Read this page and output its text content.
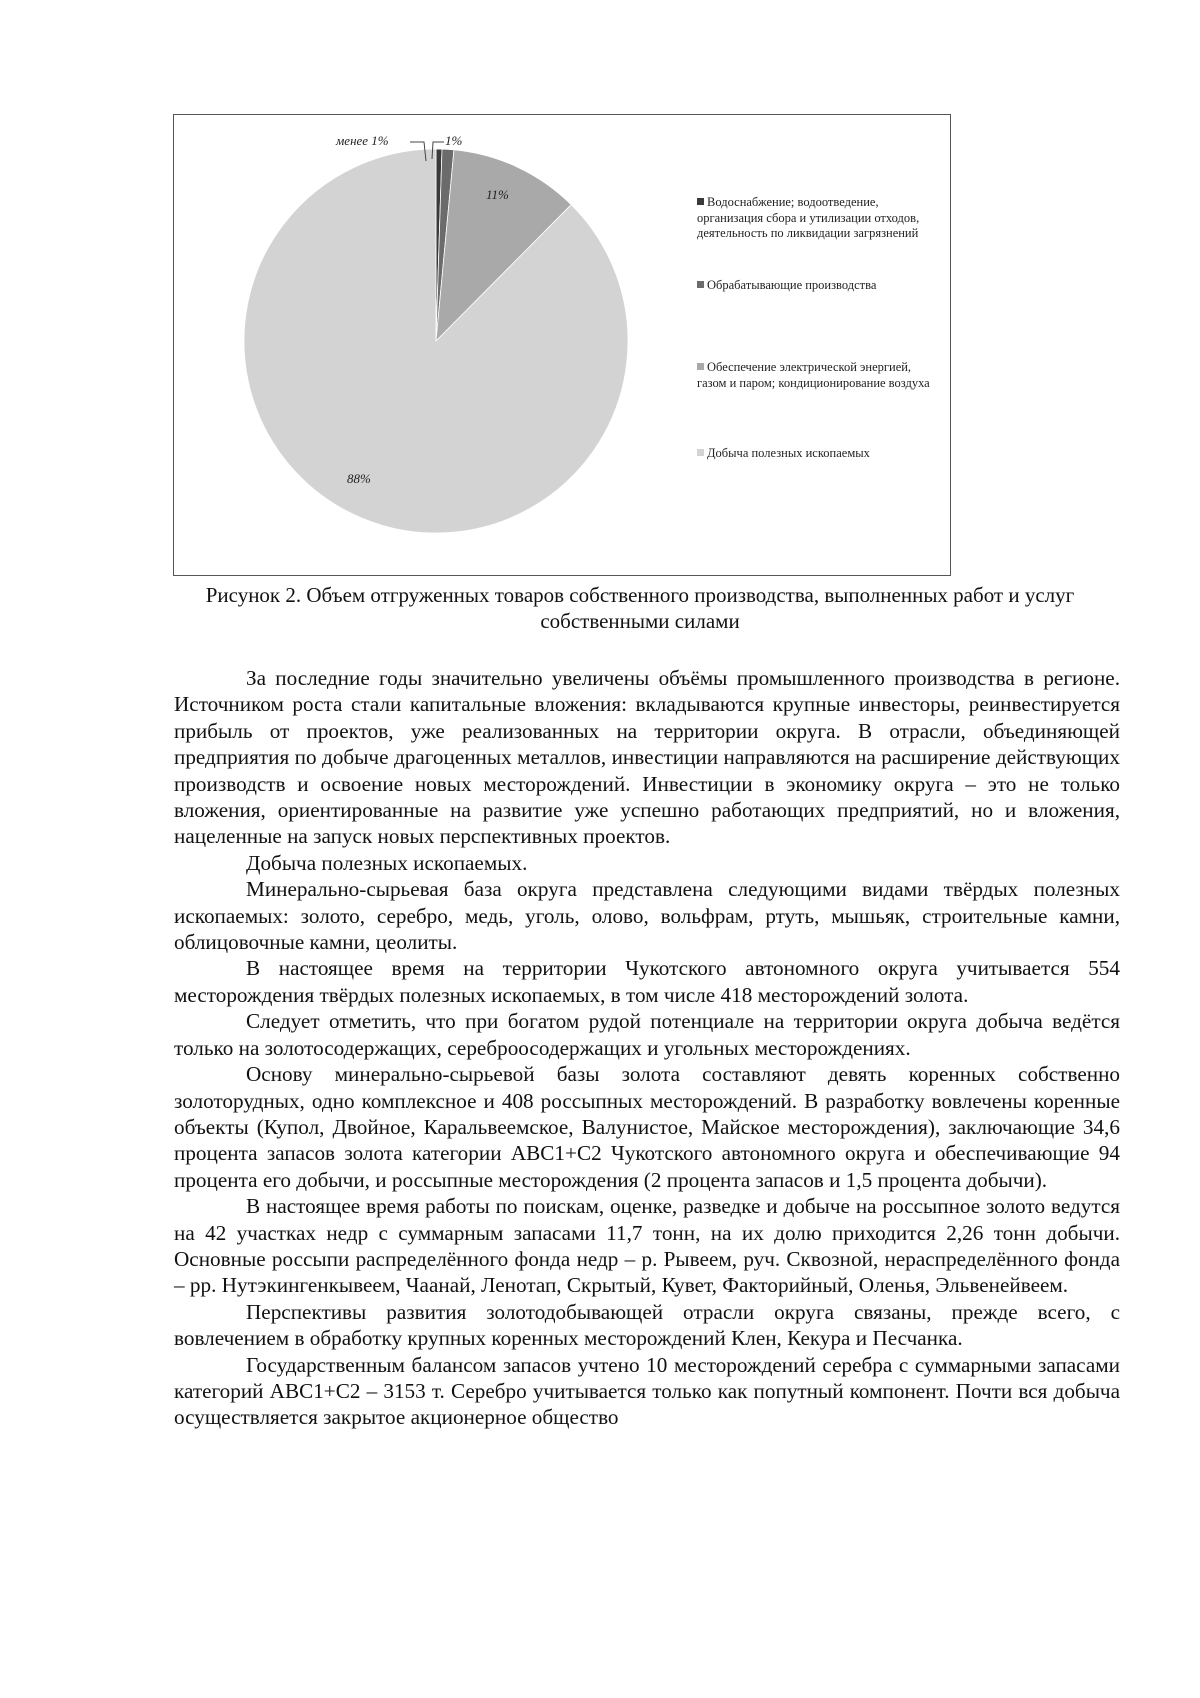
менее 1%	1%
11%
88%
Водоснабжение; водоотведение, организация сбора и утилизации отходов, деятельность по ликвидации загрязнений
Обрабатывающие производства
Обеспечение электрической энергией, газом и паром; кондиционирование воздуха
Добыча полезных ископаемых
Рисунок 2. Объем отгруженных товаров собственного производства, выполненных работ и услуг собственными силами

За последние годы значительно увеличены объёмы промышленного производства в регионе. Источником роста стали капитальные вложения: вкладываются крупные инвесторы, реинвестируется прибыль от проектов, уже реализованных на территории округа. В отрасли, объединяющей предприятия по добыче драгоценных металлов, инвестиции направляются на расширение действующих производств и освоение новых месторождений. Инвестиции в экономику округа – это не только вложения, ориентированные на развитие уже успешно работающих предприятий, но и вложения, нацеленные на запуск новых перспективных проектов.

Добыча полезных ископаемых.

Минерально-сырьевая база округа представлена следующими видами твёрдых полезных ископаемых: золото, серебро, медь, уголь, олово, вольфрам, ртуть, мышьяк, строительные камни, облицовочные камни, цеолиты.

В настоящее время на территории Чукотского автономного округа учитывается 554 месторождения твёрдых полезных ископаемых, в том числе 418 месторождений золота.

Следует отметить, что при богатом рудой потенциале на территории округа добыча ведётся только на золотосодержащих, сереброосодержащих и угольных месторождениях.

Основу минерально-сырьевой базы золота составляют девять коренных собственно золоторудных, одно комплексное и 408 россыпных месторождений. В разработку вовлечены коренные объекты (Купол, Двойное, Каральвеемское, Валунистое, Майское месторождения), заключающие 34,6 процента запасов золота категории АВС1+С2 Чукотского автономного округа и обеспечивающие 94 процента его добычи, и россыпные месторождения (2 процента запасов и 1,5 процента добычи).

В настоящее время работы по поискам, оценке, разведке и добыче на россыпное золото ведутся на 42 участках недр с суммарным запасами 11,7 тонн, на их долю приходится 2,26 тонн добычи. Основные россыпи распределённого фонда недр – р. Рывеем, руч. Сквозной, нераспределённого фонда – рр. Нутэкингенкывеем, Чаанай, Ленотап, Скрытый, Кувет, Факторийный, Оленья, Эльвенейвеем.

Перспективы развития золотодобывающей отрасли округа связаны, прежде всего, с вовлечением в обработку крупных коренных месторождений Клен, Кекура и Песчанка.

Государственным балансом запасов учтено 10 месторождений серебра с суммарными запасами категорий АВС1+С2 – 3153 т. Серебро учитывается только как попутный компонент. Почти вся добыча осуществляется закрытое акционерное общество
